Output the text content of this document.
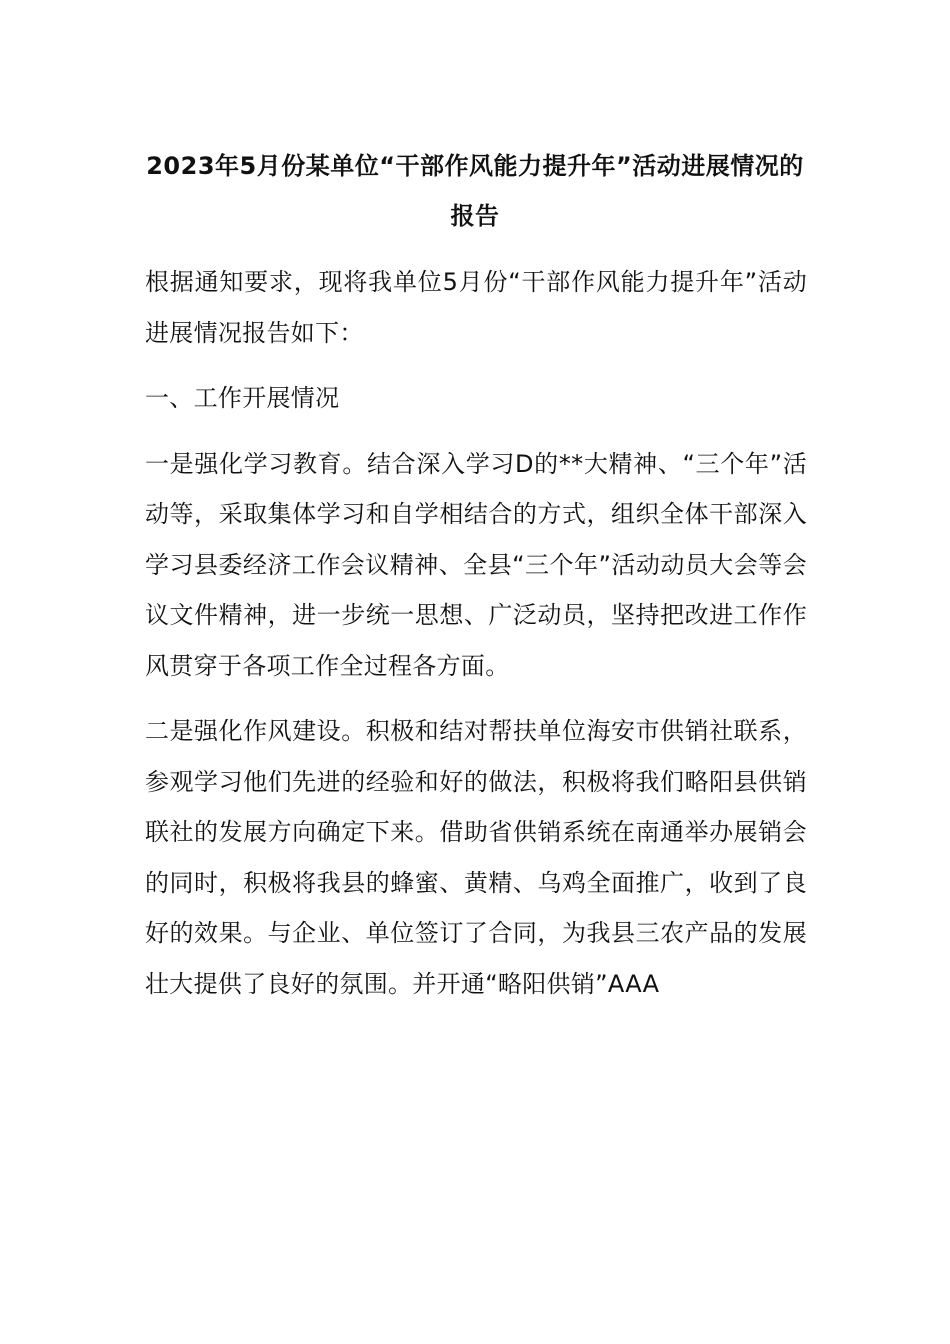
2023年5月份某单位“干部作风能力提升年”活动进展情况的报告

根据通知要求，现将我单位5月份“干部作风能力提升年”活动进展情况报告如下：

一、工作开展情况

一是强化学习教育。结合深入学习D的**大精神、“三个年”活动等，采取集体学习和自学相结合的方式，组织全体干部深入学习县委经济工作会议精神、全县“三个年”活动动员大会等会议文件精神，进一步统一思想、广泛动员，坚持把改进工作作风贯穿于各项工作全过程各方面。

二是强化作风建设。积极和结对帮扶单位海安市供销社联系，参观学习他们先进的经验和好的做法，积极将我们略阳县供销联社的发展方向确定下来。借助省供销系统在南通举办展销会的同时，积极将我县的蜂蜜、黄精、乌鸡全面推广，收到了良好的效果。与企业、单位签订了合同，为我县三农产品的发展壮大提供了良好的氛围。并开通“略阳供销”AAA
